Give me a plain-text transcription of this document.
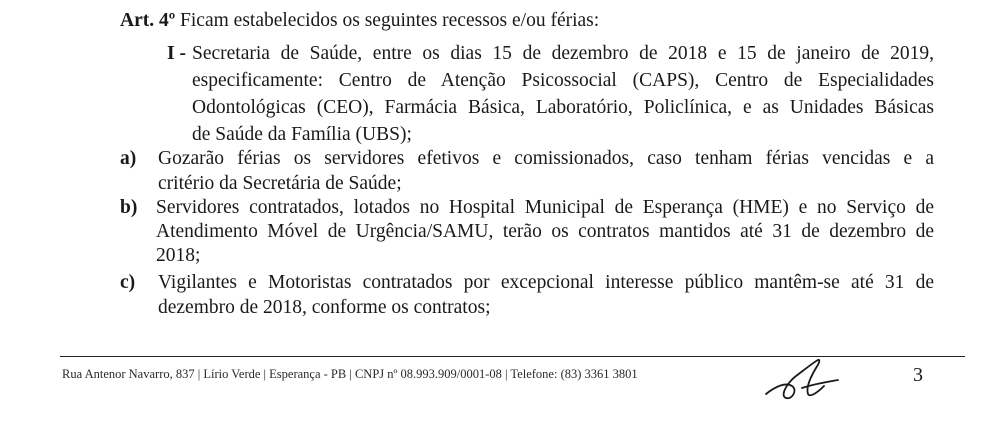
Art. 4º Ficam estabelecidos os seguintes recessos e/ou férias:
I - Secretaria de Saúde, entre os dias 15 de dezembro de 2018 e 15 de janeiro de 2019,
especificamente: Centro de Atenção Psicossocial (CAPS), Centro de Especialidades
Odontológicas (CEO), Farmácia Básica, Laboratório, Policlínica, e as Unidades Básicas
de Saúde da Família (UBS);
a) Gozarão férias os servidores efetivos e comissionados, caso tenham férias vencidas e a
critério da Secretária de Saúde;
b) Servidores contratados, lotados no Hospital Municipal de Esperança (HME) e no Serviço de
Atendimento Móvel de Urgência/SAMU, terão os contratos mantidos até 31 de dezembro de
2018;
c) Vigilantes e Motoristas contratados por excepcional interesse público mantêm-se até 31 de
dezembro de 2018, conforme os contratos;
Rua Antenor Navarro, 837 | Lírio Verde | Esperança - PB | CNPJ nº 08.993.909/0001-08 | Telefone: (83) 3361 3801	3
